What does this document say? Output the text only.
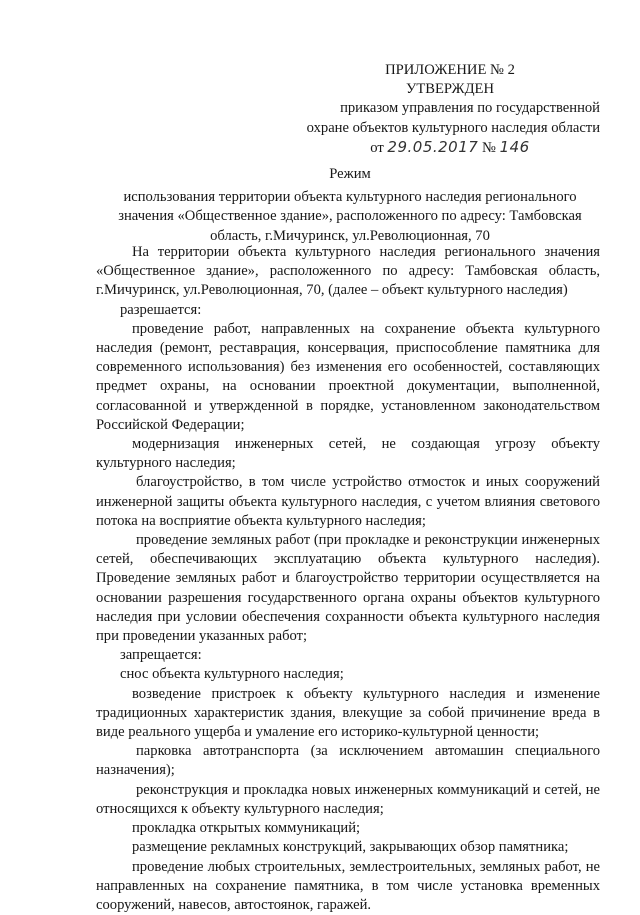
ПРИЛОЖЕНИЕ № 2
УТВЕРЖДЕН
приказом управления по государственной
охране объектов культурного наследия области
от 29.05.2017 № 146
Режим
использования территории объекта культурного наследия регионального
значения «Общественное здание», расположенного по адресу: Тамбовская
область, г.Мичуринск, ул.Революционная, 70

На территории объекта культурного наследия регионального значения «Общественное здание», расположенного по адресу: Тамбовская область, г.Мичуринск, ул.Революционная, 70, (далее – объект культурного наследия)

разрешается:

проведение работ, направленных на сохранение объекта культурного наследия (ремонт, реставрация, консервация, приспособление памятника для современного использования) без изменения его особенностей, составляющих предмет охраны, на основании проектной документации, выполненной, согласованной и утвержденной в порядке, установленном законодательством Российской Федерации;

модернизация инженерных сетей, не создающая угрозу объекту культурного наследия;

благоустройство, в том числе устройство отмосток и иных сооружений инженерной защиты объекта культурного наследия, с учетом влияния светового потока на восприятие объекта культурного наследия;

проведение земляных работ (при прокладке и реконструкции инженерных сетей, обеспечивающих эксплуатацию объекта культурного наследия). Проведение земляных работ и благоустройство территории осуществляется на основании разрешения государственного органа охраны объектов культурного наследия при условии обеспечения сохранности объекта культурного наследия при проведении указанных работ;

запрещается:

снос объекта культурного наследия;

возведение пристроек к объекту культурного наследия и изменение традиционных характеристик здания, влекущие за собой причинение вреда в виде реального ущерба и умаление его историко-культурной ценности;

парковка автотранспорта (за исключением автомашин специального назначения);

реконструкция и прокладка новых инженерных коммуникаций и сетей, не относящихся к объекту культурного наследия;

прокладка открытых коммуникаций;

размещение рекламных конструкций, закрывающих обзор памятника;

проведение любых строительных, землестроительных, земляных работ, не направленных на сохранение памятника, в том числе установка временных сооружений, навесов, автостоянок, гаражей.
